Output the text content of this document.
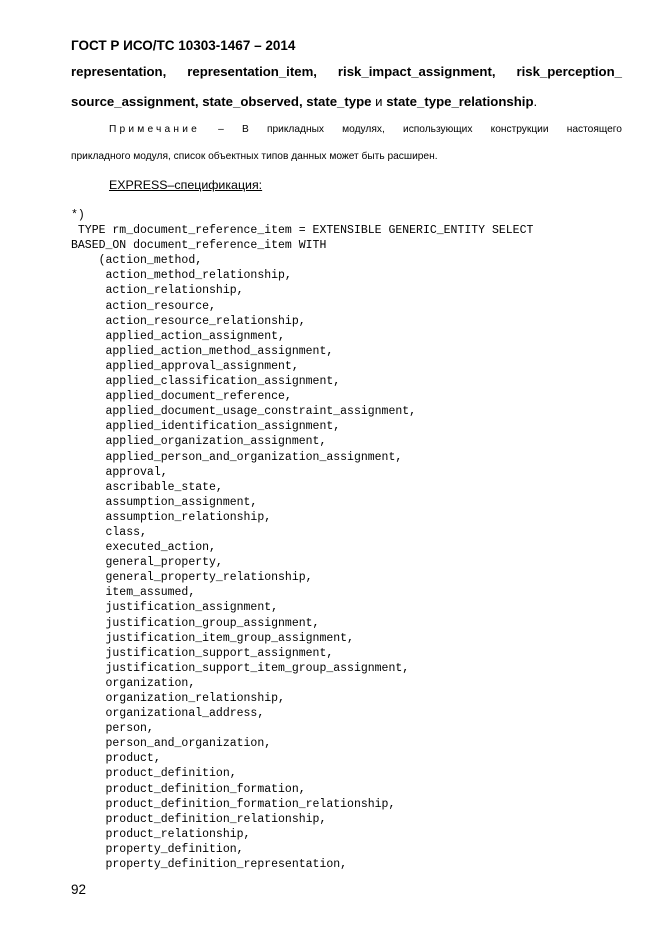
ГОСТ Р ИСО/ТС 10303-1467 – 2014
representation, representation_item, risk_impact_assignment, risk_perception_
source_assignment, state_observed, state_type и state_type_relationship.
Примечание – В прикладных модулях, использующих конструкции настоящего
прикладного модуля, список объектных типов данных может быть расширен.
EXPRESS–спецификация:
*)
TYPE rm_document_reference_item = EXTENSIBLE GENERIC_ENTITY SELECT
BASED_ON document_reference_item WITH
(action_method,
action_method_relationship,
action_relationship,
action_resource,
action_resource_relationship,
applied_action_assignment,
applied_action_method_assignment,
applied_approval_assignment,
applied_classification_assignment,
applied_document_reference,
applied_document_usage_constraint_assignment,
applied_identification_assignment,
applied_organization_assignment,
applied_person_and_organization_assignment,
approval,
ascribable_state,
assumption_assignment,
assumption_relationship,
class,
executed_action,
general_property,
general_property_relationship,
item_assumed,
justification_assignment,
justification_group_assignment,
justification_item_group_assignment,
justification_support_assignment,
justification_support_item_group_assignment,
organization,
organization_relationship,
organizational_address,
person,
person_and_organization,
product,
product_definition,
product_definition_formation,
product_definition_formation_relationship,
product_definition_relationship,
product_relationship,
property_definition,
property_definition_representation,
92
